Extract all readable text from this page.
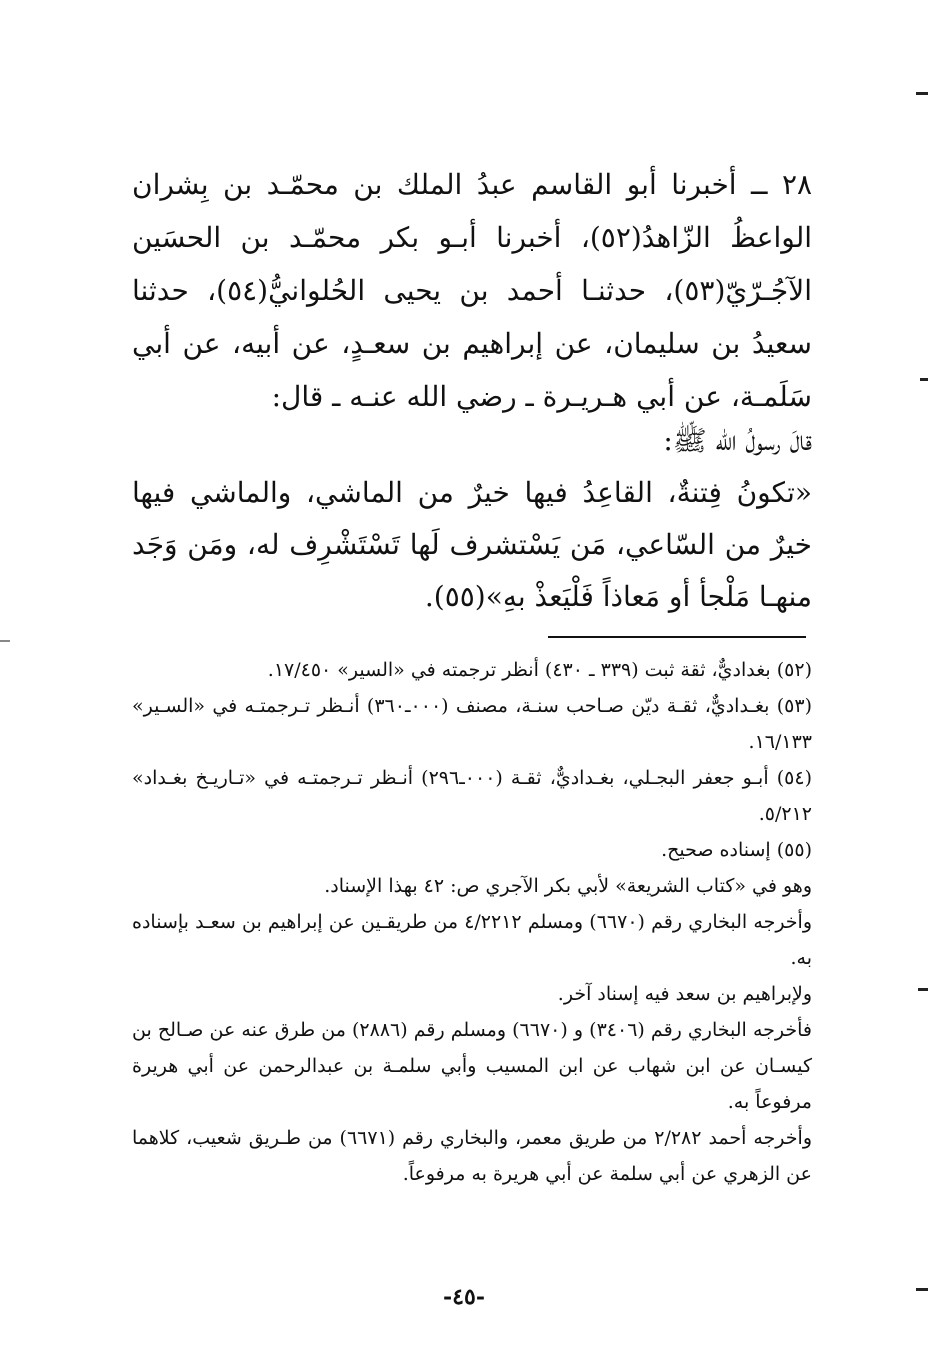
٢٨ ــ أخبرنا أبو القاسم عبدُ الملك بن محمّـد بن بِشران الواعظُ الزّاهدُ(٥٢)، أخبرنا أبـو بكر محمّـد بن الحسَين الآجُـرّيّ(٥٣)، حدثنـا أحمد بن يحيى الحُلوانيُّ(٥٤)، حدثنا سعيدُ بن سليمان، عن إبراهيم بن سعـدٍ، عن أبيه، عن أبي سَلَمـة، عن أبي هـريـرة ـ رضي الله عنـه ـ قال:

قالَ رسولُ الله ﷺ:

«تكونُ فِتنةٌ، القاعِدُ فيها خيرٌ من الماشي، والماشي فيها خيرٌ من السّاعي، مَن يَسْتشرف لَها تَسْتَشْرِف له، ومَن وَجَد منهـا مَلْجأ أو مَعاذاً فَلْيَعذْ بهِ»(٥٥).

(٥٢) بغداديٌّ، ثقة ثبت (٣٣٩ ـ ٤٣٠) أنظر ترجمته في «السير» ١٧/٤٥٠.

(٥٣) بغـداديٌّ، ثقـة ديّن صـاحب سنـة، مصنف (٠٠٠ـ٣٦٠) أنـظر تـرجمتـه في «السـير» ١٦/١٣٣.

(٥٤) أبـو جعفر البجـلي، بغـداديٌّ، ثقـة (٠٠٠ـ٢٩٦) أنـظر تـرجمتـه في «تـاريـخ بغـداد» ٥/٢١٢.

(٥٥) إسناده صحيح.

وهو في «كتاب الشريعة» لأبي بكر الآجري ص: ٤٢ بهذا الإسناد.

وأخرجه البخاري رقم (٦٦٧٠) ومسلم ٤/٢٢١٢ من طريقـين عن إبراهيم بن سعـد بإسناده به.

ولإبراهيم بن سعد فيه إسناد آخر.

فأخرجه البخاري رقم (٣٤٠٦) و (٦٦٧٠) ومسلم رقم (٢٨٨٦) من طرق عنه عن صـالح بن كيسـان عن ابن شهاب عن ابن المسيب وأبي سلمـة بن عبدالرحمن عن أبي هريرة مرفوعاً به.

وأخرجه أحمد ٢/٢٨٢ من طريق معمر، والبخاري رقم (٦٦٧١) من طـريق شعيب، كلاهما عن الزهري عن أبي سلمة عن أبي هريرة به مرفوعاً.

-٤٥-
